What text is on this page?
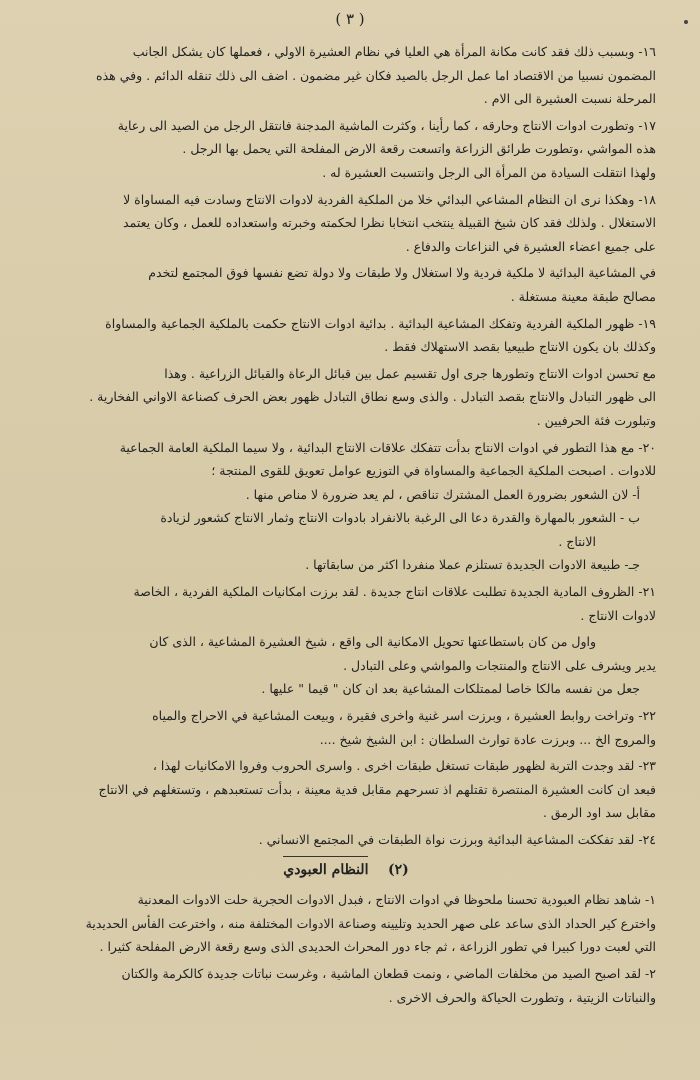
( ٣ )

١٦- وبسبب ذلك فقد كانت مكانة المرأة هي العليا في نظام العشيرة الاولي ، فعملها كان يشكل الجانب

المضمون نسبيا من الاقتصاد اما عمل الرجل بالصيد فكان غير مضمون . اضف الى ذلك تنقله الدائم . وفي هذه

المرحلة نسبت العشيرة الى الام .

١٧- وتطورت ادوات الانتاج وحارقه ، كما رأينا ، وكثرت الماشية المدجنة فانتقل الرجل من الصيد الى رعاية

هذه المواشي ،وتطورت طرائق الزراعة واتسعت رقعة الارض المفلحة التي يحمل بها الرجل .

ولهذا انتقلت السيادة من المرأة الى الرجل وانتسبت العشيرة له .

١٨- وهكذا نرى ان النظام المشاعي البدائي خلا من الملكية الفردية لادوات الانتاج وسادت فيه المساواة لا

الاستغلال . ولذلك فقد كان شيخ القبيلة ينتخب انتخابا نظرا لحكمته وخبرته واستعداده للعمل ، وكان يعتمد

على جميع اعضاء العشيرة في النزاعات والدفاع .

في المشاعية البدائية لا ملكية فردية ولا استغلال ولا طبقات ولا دولة تضع نفسها فوق المجتمع لتخدم

مصالح طبقة معينة مستغلة .

١٩- ظهور الملكية الفردية وتفكك المشاعية البدائية . بدائية ادوات الانتاج حكمت بالملكية الجماعية والمساواة

وكذلك بان يكون الانتاج طبيعيا بقصد الاستهلاك فقط .

مع تحسن ادوات الانتاج وتطورها جرى اول تقسيم عمل بين قبائل الرعاة والقبائل الزراعية . وهذا

الى ظهور التبادل والانتاج بقصد التبادل . والذى وسع نطاق التبادل ظهور بعض الحرف كصناعة الاواني الفخارية .

وتبلورت فئة الحرفيين .

٢٠- مع هذا التطور في ادوات الانتاج بدأت تتفكك علاقات الانتاج البدائية ، ولا سيما الملكية العامة الجماعية

للادوات . اصبحت الملكية الجماعية والمساواة في التوزيع عوامل تعويق للقوى المنتجة ؛

أ- لان الشعور بضرورة العمل المشترك تناقص ، لم يعد ضرورة لا مناص منها .

ب - الشعور بالمهارة والقدرة دعا الى الرغبة بالانفراد بادوات الانتاج وثمار الانتاج كشعور لزيادة

الانتاج .

جـ- طبيعة الادوات الجديدة تستلزم عملا منفردا اكثر من سابقاتها .

٢١- الظروف المادية الجديدة تطلبت علاقات انتاج جديدة . لقد برزت امكانيات الملكية الفردية ، الخاصة

لادوات الانتاج .

واول من كان باستطاعتها تحويل الامكانية الى واقع ، شيخ العشيرة المشاعية ، الذى كان

يدير ويشرف على الانتاج والمنتجات والمواشي وعلى التبادل .

جعل من نفسه مالكا خاصا لممتلكات المشاعية بعد ان كان " قيما " عليها .

٢٢- وتراخت روابط العشيرة ، وبرزت اسر غنية واخرى فقيرة ، وبيعت المشاعية في الاحراج والمياه

والمروج الخ ... وبرزت عادة توارث السلطان : ابن الشيخ شيخ ....

٢٣- لقد وجدت التربة لظهور طبقات تستغل طبقات اخرى . واسرى الحروب وفروا الامكانيات لهذا ،

فبعد ان كانت العشيرة المنتصرة تقتلهم اذ تسرحهم مقابل فدية معينة ، بدأت تستعبدهم ، وتستغلهم في الانتاج

مقابل سد اود الرمق .

٢٤- لقد تفككت المشاعية البدائية وبرزت نواة الطبقات في المجتمع الانساني .

(٢)    النظام العبودي

١- شاهد نظام العبودية تحسنا ملحوظا في ادوات الانتاج ، فبدل الادوات الحجرية حلت الادوات المعدنية

واخترع كير الحداد الذى ساعد على صهر الحديد وتليينه وصناعة الادوات المختلفة منه ، واخترعت الفأس الحديدية

التي لعبت دورا كبيرا في تطور الزراعة ، ثم جاء دور المحراث الحديدى الذى وسع رقعة الارض المفلحة كثيرا .

٢- لقد اصبح الصيد من مخلفات الماضي ، ونمت قطعان الماشية ، وغرست نباتات جديدة كالكرمة والكتان

والنباتات الزيتية ، وتطورت الحياكة والحرف الاخرى .
